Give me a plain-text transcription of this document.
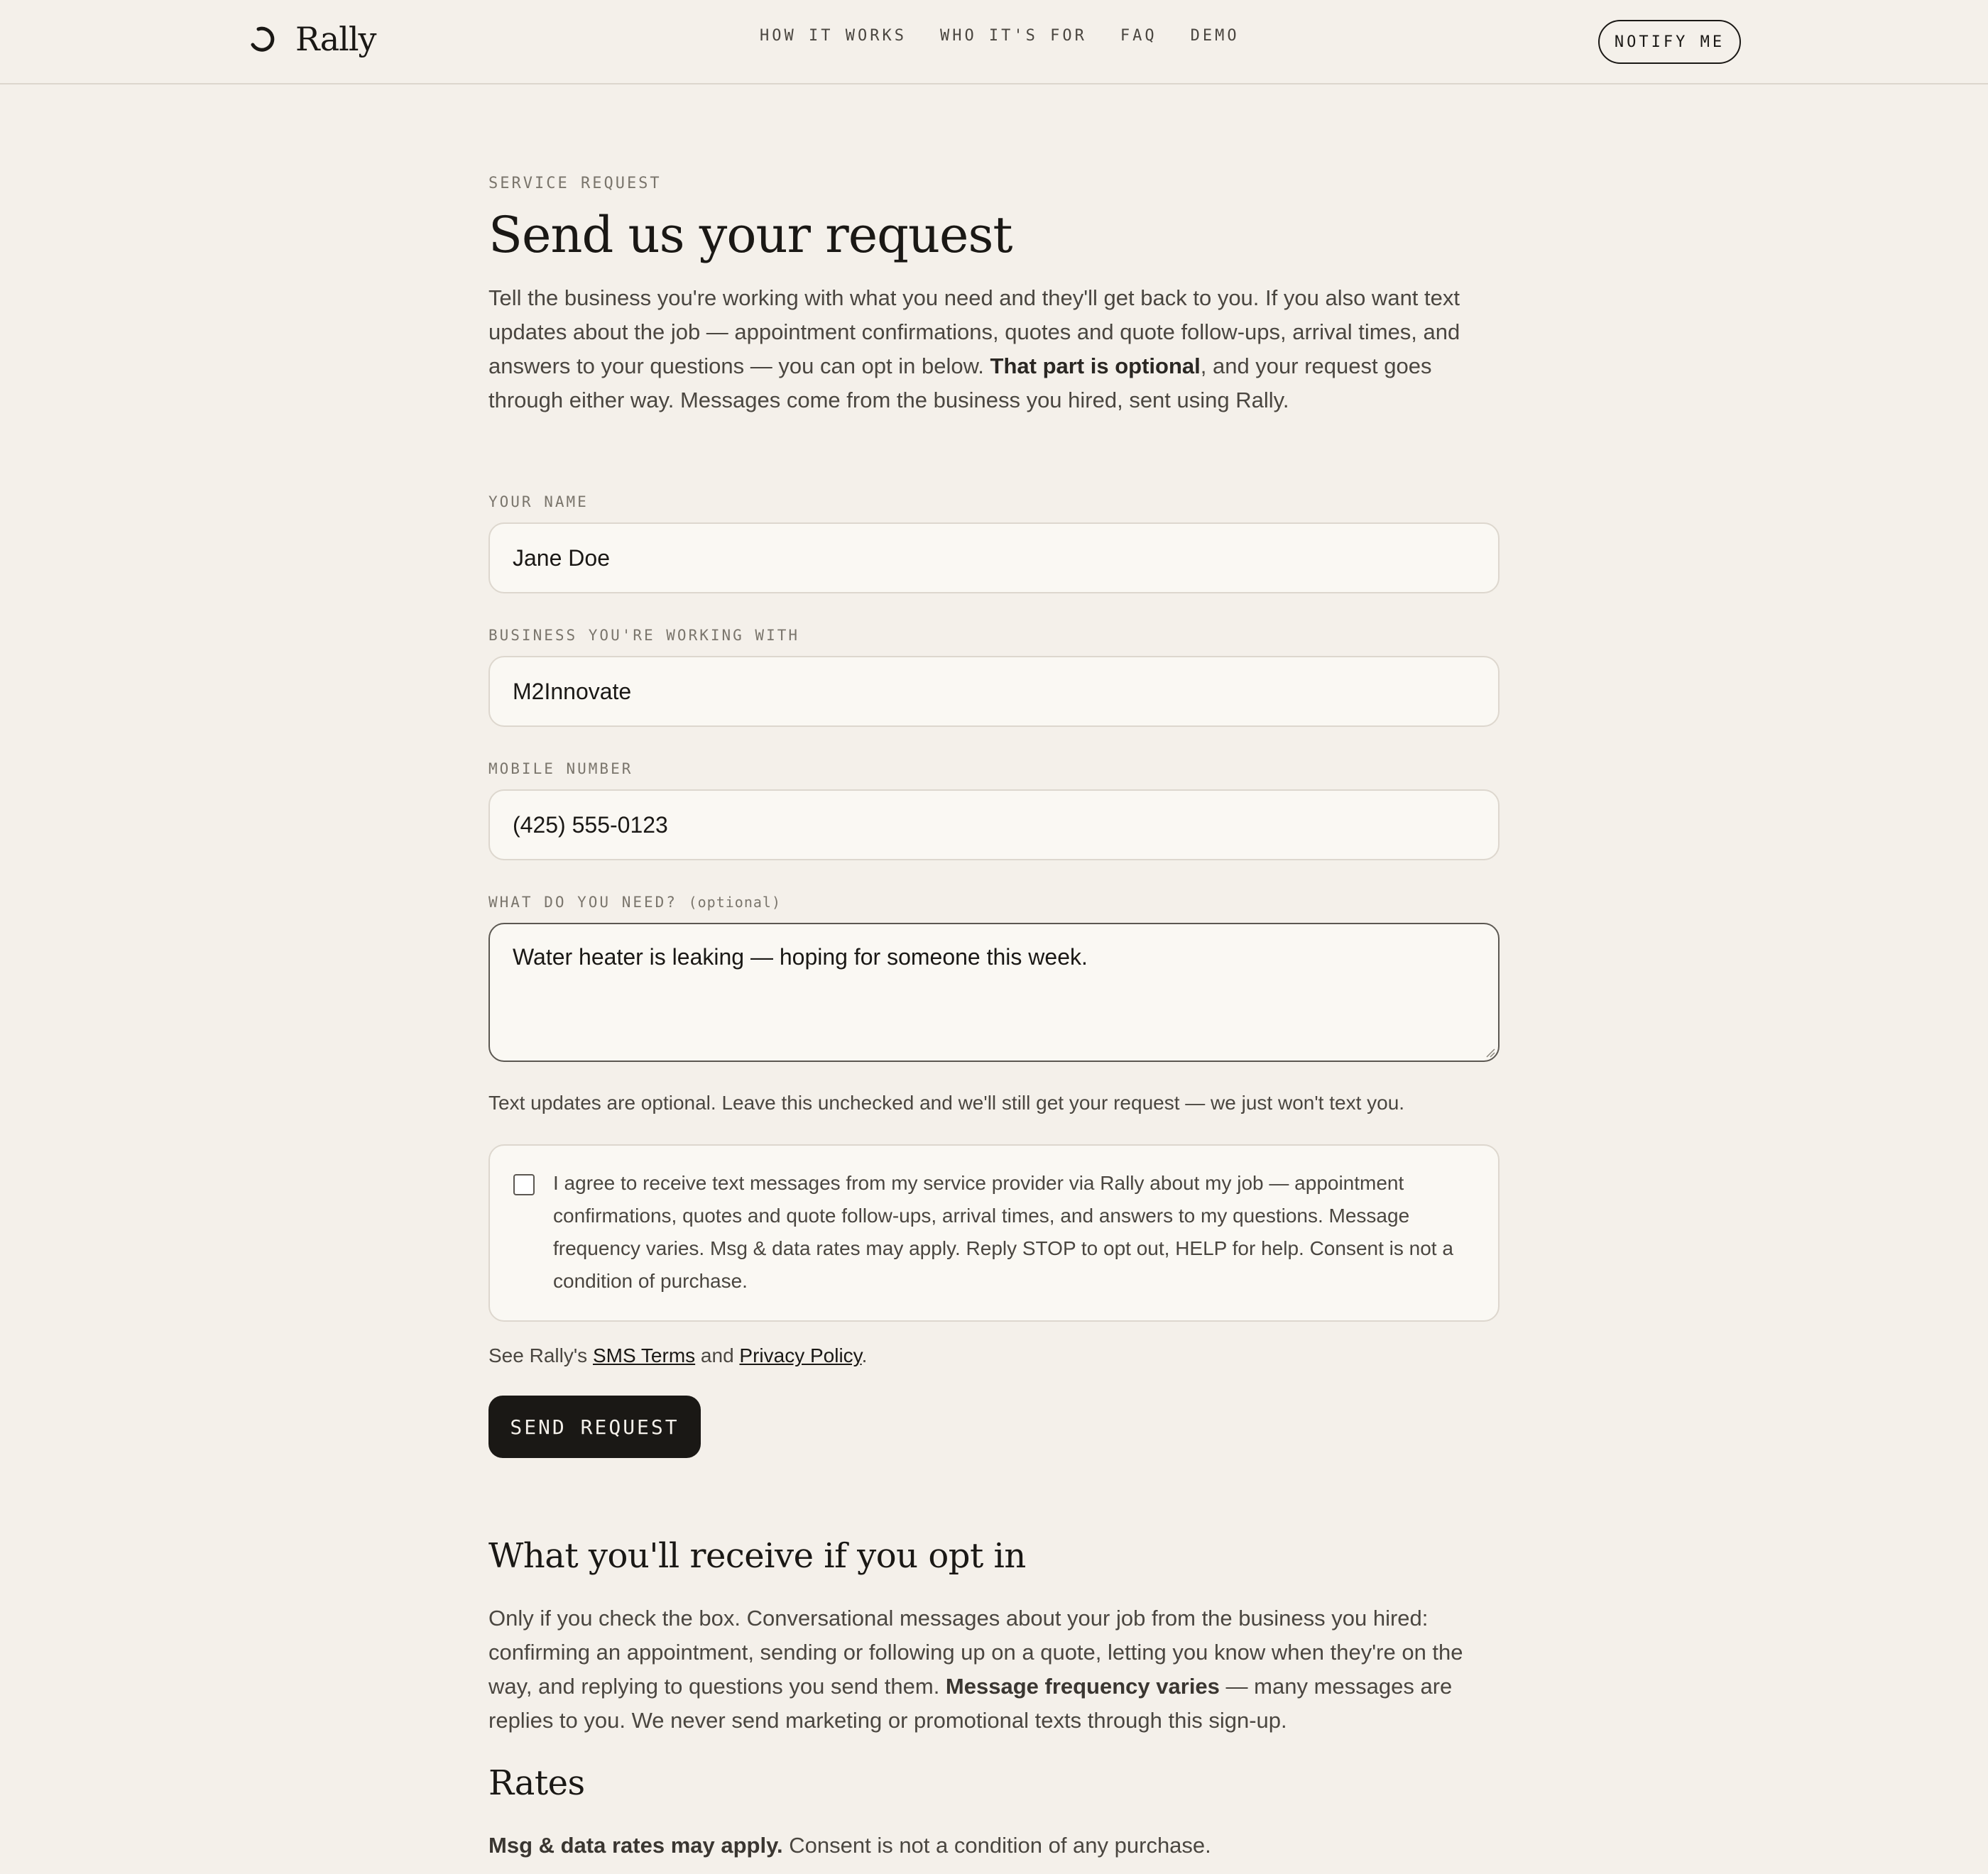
Rally	HOW IT WORKS WHO IT'S FOR FAQ DEMO	NOTIFY ME

SERVICE REQUEST

Send us your request
Tell the business you're working with what you need and they'll get back to you. If you also want text updates about the job — appointment confirmations, quotes and quote follow-ups, arrival times, and answers to your questions — you can opt in below. That part is optional, and your request goes through either way. Messages come from the business you hired, sent using Rally.
YOUR NAME
Jane Doe
BUSINESS YOU'RE WORKING WITH
M2Innovate
MOBILE NUMBER
(425) 555-0123
WHAT DO YOU NEED? (optional)
Water heater is leaking — hoping for someone this week.
Text updates are optional. Leave this unchecked and we'll still get your request — we just won't text you.
I agree to receive text messages from my service provider via Rally about my job — appointment confirmations, quotes and quote follow-ups, arrival times, and answers to my questions. Message frequency varies. Msg & data rates may apply. Reply STOP to opt out, HELP for help. Consent is not a condition of purchase.
See Rally's SMS Terms and Privacy Policy.
SEND REQUEST
What you'll receive if you opt in
Only if you check the box. Conversational messages about your job from the business you hired: confirming an appointment, sending or following up on a quote, letting you know when they're on the way, and replying to questions you send them. Message frequency varies — many messages are replies to you. We never send marketing or promotional texts through this sign-up.
Rates
Msg & data rates may apply. Consent is not a condition of any purchase.
